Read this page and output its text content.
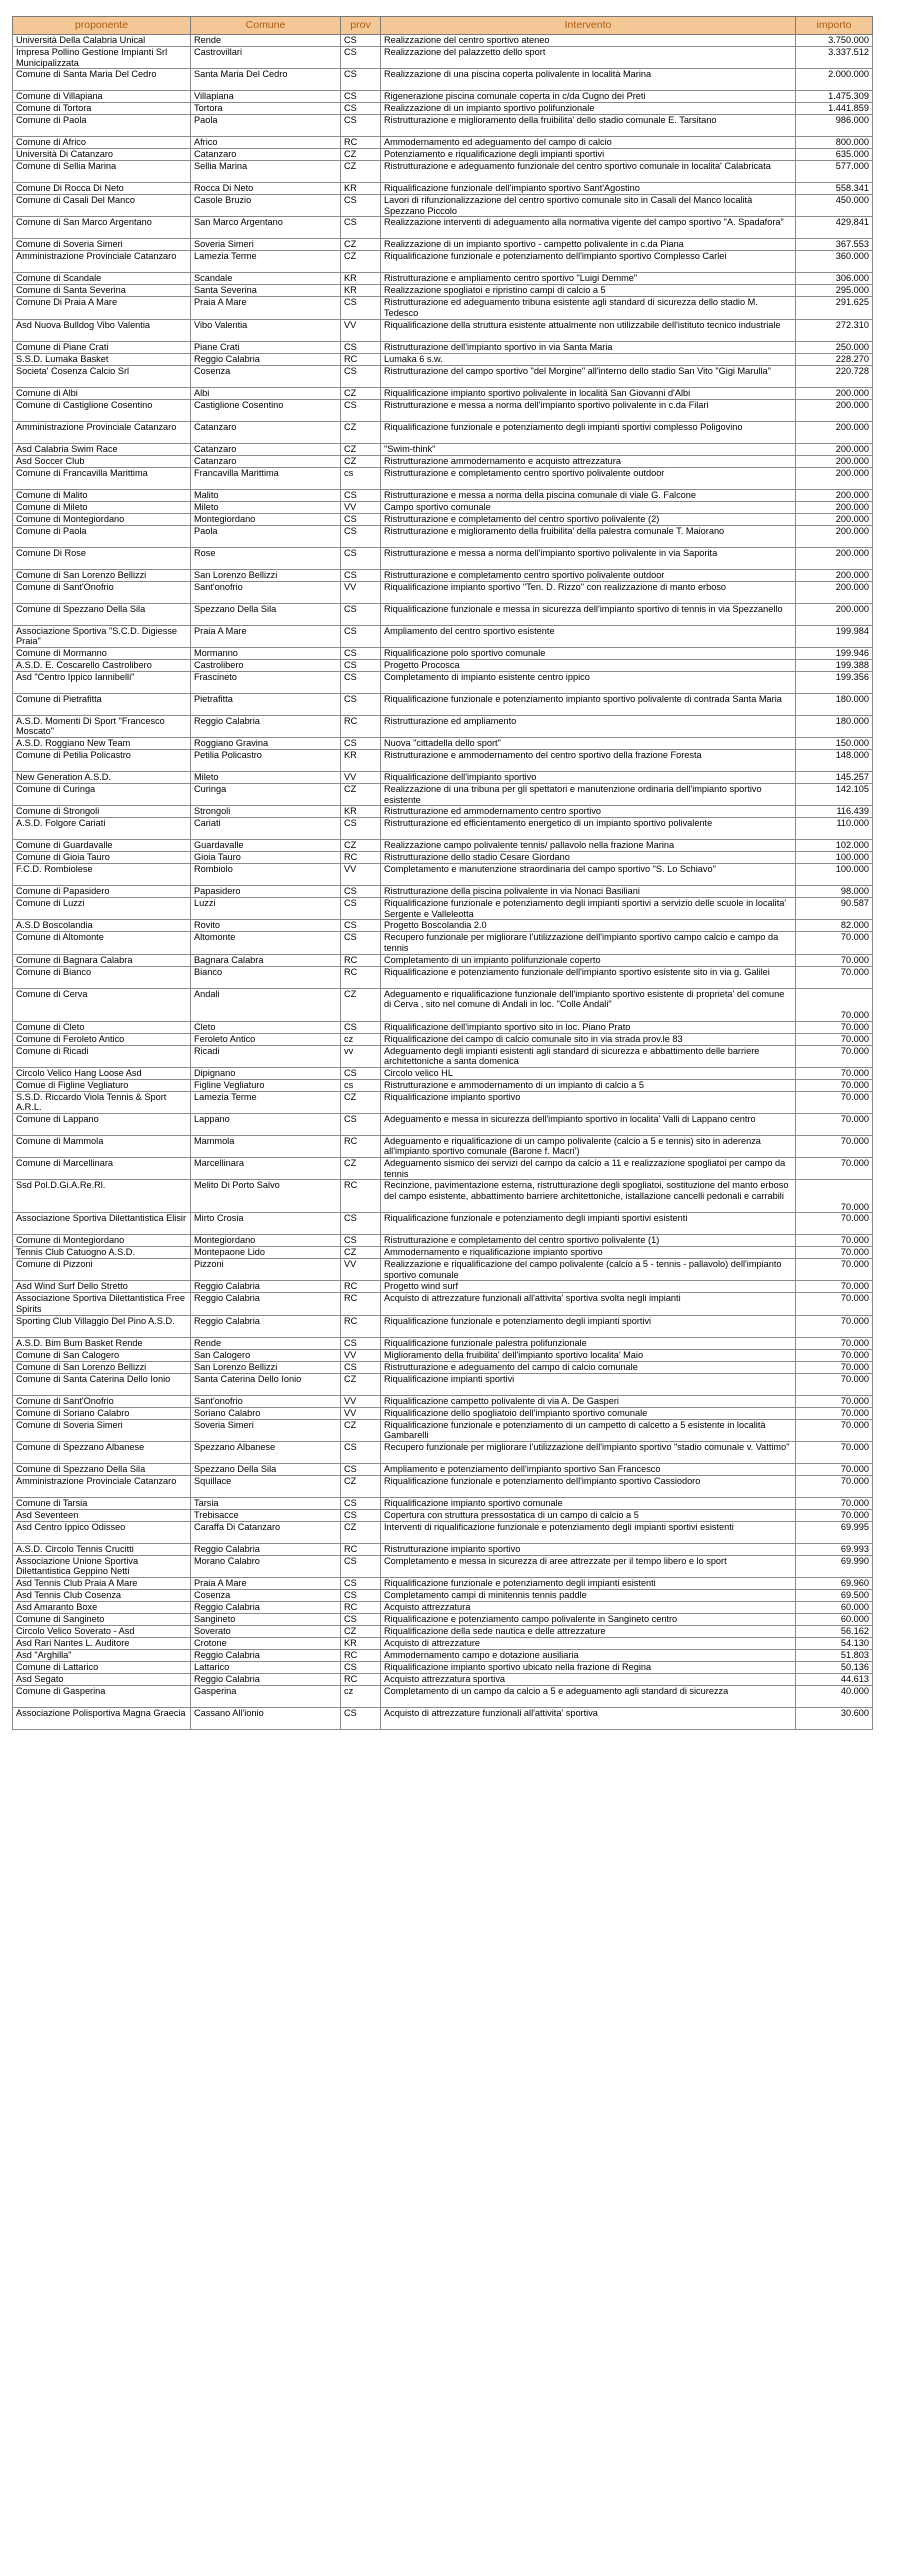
proponente	Comune	prov	Intervento	importo
Università Della Calabria Unical	Rende	CS	Realizzazione del centro sportivo ateneo	3.750.000
Impresa Pollino Gestione Impianti Srl Municipalizzata	Castrovillari	CS	Realizzazione del palazzetto dello sport	3.337.512
Comune di Santa Maria Del Cedro	Santa Maria Del Cedro	CS	Realizzazione di una piscina coperta polivalente in località Marina	2.000.000
Comune di Villapiana	Villapiana	CS	Rigenerazione piscina comunale coperta in c/da Cugno dei Preti	1.475.309
Comune di Tortora	Tortora	CS	Realizzazione di un impianto sportivo polifunzionale	1.441.859
Comune di Paola	Paola	CS	Ristrutturazione e miglioramento della fruibilita' dello stadio comunale E. Tarsitano	986.000
Comune di Africo	Africo	RC	Ammodernamento ed adeguamento del campo di calcio	800.000
Università Di Catanzaro	Catanzaro	CZ	Potenziamento e riqualificazione degli impianti sportivi	635.000
Comune di Sellia Marina	Sellia Marina	CZ	Ristrutturazione e adeguamento funzionale del centro sportivo comunale in localita' Calabricata	577.000
Comune Di Rocca Di Neto	Rocca Di Neto	KR	Riqualificazione funzionale dell'impianto sportivo Sant'Agostino	558.341
Comune di Casali Del Manco	Casole Bruzio	CS	Lavori di rifunzionalizzazione del centro sportivo comunale sito in Casali del Manco località Spezzano Piccolo	450.000
Comune di San Marco Argentano	San Marco Argentano	CS	Realizzazione interventi di adeguamento alla normativa vigente del campo sportivo "A. Spadafora"	429.841
Comune di Soveria Simeri	Soveria Simeri	CZ	Realizzazione di un impianto sportivo - campetto polivalente in c.da Piana	367.553
Amministrazione Provinciale Catanzaro	Lamezia Terme	CZ	Riqualificazione funzionale e potenziamento dell'impianto sportivo Complesso Carlei	360.000
Comune di Scandale	Scandale	KR	Ristrutturazione e ampliamento centro sportivo "Luigi Demme"	306.000
Comune di Santa Severina	Santa Severina	KR	Realizzazione spogliatoi e ripristino campi di calcio a 5	295.000
Comune Di Praia A Mare	Praia A Mare	CS	Ristrutturazione ed adeguamento tribuna esistente agli standard di sicurezza dello stadio M. Tedesco	291.625
Asd Nuova Bulldog Vibo Valentia	Vibo Valentia	VV	Riqualificazione della struttura esistente attualmente non utilizzabile dell'istituto tecnico industriale	272.310
Comune di Piane Crati	Piane Crati	CS	Ristrutturazione dell'impianto sportivo in via Santa Maria	250.000
S.S.D. Lumaka Basket	Reggio Calabria	RC	Lumaka 6 s.w.	228.270
Societa' Cosenza Calcio Srl	Cosenza	CS	Ristrutturazione del campo sportivo "del Morgine" all'interno dello stadio San Vito "Gigi Marulla"	220.728
Comune di Albi	Albi	CZ	Riqualificazione impianto sportivo polivalente in località San Giovanni d'Albi	200.000
Comune di Castiglione Cosentino	Castiglione Cosentino	CS	Ristrutturazione e messa a norma dell'impianto sportivo polivalente in c.da Filari	200.000
Amministrazione Provinciale Catanzaro	Catanzaro	CZ	Riqualificazione funzionale e potenziamento degli impianti sportivi complesso Poligovino	200.000
Asd Calabria Swim Race	Catanzaro	CZ	"Swim-think"	200.000
Asd Soccer Club	Catanzaro	CZ	Ristrutturazione ammodernamento e acquisto attrezzatura	200.000
Comune di Francavilla Marittima	Francavilla Marittima	cs	Ristrutturazione e completamento centro sportivo polivalente outdoor	200.000
Comune di Malito	Malito	CS	Ristrutturazione e messa a norma della piscina comunale di viale G. Falcone	200.000
Comune di Mileto	Mileto	VV	Campo sportivo comunale	200.000
Comune di Montegiordano	Montegiordano	CS	Ristrutturazione e completamento del centro sportivo polivalente (2)	200.000
Comune di Paola	Paola	CS	Ristrutturazione e miglioramento della fruibilita' della palestra comunale T. Maiorano	200.000
Comune Di Rose	Rose	CS	Ristrutturazione e messa a norma dell'impianto sportivo polivalente in via Saporita	200.000
Comune di San Lorenzo Bellizzi	San Lorenzo Bellizzi	CS	Ristrutturazione e completamento centro sportivo polivalente outdoor	200.000
Comune di Sant'Onofrio	Sant'onofrio	VV	Riqualificazione impianto sportivo "Ten. D. Rizzo" con realizzazione di manto erboso	200.000
Comune di Spezzano Della Sila	Spezzano Della Sila	CS	Riqualificazione funzionale e messa in sicurezza dell'impianto sportivo di tennis in via Spezzanello	200.000
Associazione Sportiva "S.C.D. Digiesse Praia"	Praia A Mare	CS	Ampliamento del centro sportivo esistente	199.984
Comune di Mormanno	Mormanno	CS	Riqualificazione polo sportivo comunale	199.946
A.S.D. E. Coscarello Castrolibero	Castrolibero	CS	Progetto Procosca	199.388
Asd "Centro Ippico Iannibelli"	Frascineto	CS	Completamento di impianto esistente centro ippico	199.356
Comune di Pietrafitta	Pietrafitta	CS	Riqualificazione funzionale e potenziamento impianto sportivo polivalente di contrada Santa Maria	180.000
A.S.D. Momenti Di Sport "Francesco Moscato"	Reggio Calabria	RC	Ristrutturazione ed ampliamento	180.000
A.S.D. Roggiano New Team	Roggiano Gravina	CS	Nuova "cittadella dello sport"	150.000
Comune di Petilia Policastro	Petilia Policastro	KR	Ristrutturazione e ammodernamento del centro sportivo della frazione Foresta	148.000
New Generation A.S.D.	Mileto	VV	Riqualificazione dell'impianto sportivo	145.257
Comune di Curinga	Curinga	CZ	Realizzazione di una tribuna per gli spettatori e manutenzione ordinaria dell'impianto sportivo esistente	142.105
Comune di Strongoli	Strongoli	KR	Ristrutturazione ed ammodernamento centro sportivo	116.439
A.S.D. Folgore Cariati	Cariati	CS	Ristrutturazione ed efficientamento energetico di un impianto sportivo polivalente	110.000
Comune di Guardavalle	Guardavalle	CZ	Realizzazione campo polivalente tennis/ pallavolo nella frazione Marina	102.000
Comune di Gioia Tauro	Gioia Tauro	RC	Ristrutturazione dello stadio Cesare Giordano	100.000
F.C.D. Rombiolese	Rombiolo	VV	Completamento e manutenzione straordinaria del campo sportivo "S. Lo Schiavo"	100.000
Comune di Papasidero	Papasidero	CS	Ristrutturazione della piscina polivalente in via Nonaci Basiliani	98.000
Comune di Luzzi	Luzzi	CS	Riqualificazione funzionale e potenziamento degli impianti sportivi a servizio delle scuole in localita' Sergente e Valleleotta	90.587
A.S.D Boscolandia	Rovito	CS	Progetto Boscolandia 2.0	82.000
Comune di Altomonte	Altomonte	CS	Recupero funzionale per migliorare l'utilizzazione dell'impianto sportivo campo calcio e campo da tennis	70.000
Comune di Bagnara Calabra	Bagnara Calabra	RC	Completamento di un impianto polifunzionale coperto	70.000
Comune di Bianco	Bianco	RC	Riqualificazione e potenziamento funzionale dell'impianto sportivo esistente sito in via g. Galilei	70.000
Comune di Cerva	Andali	CZ	Adeguamento e riqualificazione funzionale dell'impianto sportivo esistente di proprieta' del comune di Cerva , sito nel comune di Andali in loc. "Colle Andali"	70.000
Comune di Cleto	Cleto	CS	Riqualificazione dell'impianto sportivo sito in loc. Piano Prato	70.000
Comune di Feroleto Antico	Feroleto Antico	cz	Riqualificazione del campo di calcio comunale sito in via strada prov.le 83	70.000
Comune di Ricadi	Ricadi	vv	Adeguamento degli impianti esistenti agli standard di sicurezza e abbattimento delle barriere architettoniche a santa domenica	70.000
Circolo Velico Hang Loose Asd	Dipignano	CS	Circolo velico HL	70.000
Comue di Figline Vegliaturo	Figline Vegliaturo	cs	Ristrutturazione e ammodernamento di un impianto di calcio a 5	70.000
S.S.D. Riccardo Viola Tennis & Sport A.R.L.	Lamezia Terme	CZ	Riqualificazione impianto sportivo	70.000
Comune di Lappano	Lappano	CS	Adeguamento e messa in sicurezza dell'impianto sportivo in localita' Valli di Lappano centro	70.000
Comune di Mammola	Mammola	RC	Adeguamento e riqualificazione di un campo polivalente (calcio a 5 e tennis) sito in aderenza all'impianto sportivo comunale (Barone f. Macri')	70.000
Comune di Marcellinara	Marcellinara	CZ	Adeguamento sismico dei servizi del campo da calcio a 11 e realizzazione spogliatoi per campo da tennis	70.000
Ssd Pol.D.Gi.A.Re.Rl.	Melito Di Porto Salvo	RC	Recinzione, pavimentazione esterna, ristrutturazione degli spogliatoi, sostituzione del manto erboso del campo esistente, abbattimento barriere architettoniche, istallazione cancelli pedonali e carrabili	70.000
Associazione Sportiva Dilettantistica Elisir	Mirto Crosia	CS	Riqualificazione funzionale e potenziamento degli impianti sportivi esistenti	70.000
Comune di Montegiordano	Montegiordano	CS	Ristrutturazione e completamento del centro sportivo polivalente (1)	70.000
Tennis Club Catuogno A.S.D.	Montepaone Lido	CZ	Ammodernamento e riqualificazione impianto sportivo	70.000
Comune di Pizzoni	Pizzoni	VV	Realizzazione e riqualificazione del campo polivalente (calcio a 5 - tennis - pallavolo) dell'impianto sportivo comunale	70.000
Asd Wind Surf Dello Stretto	Reggio Calabria	RC	Progetto wind surf	70.000
Associazione Sportiva Dilettantistica Free Spirits	Reggio Calabria	RC	Acquisto di attrezzature funzionali all'attivita' sportiva svolta negli impianti	70.000
Sporting Club Villaggio Del Pino A.S.D.	Reggio Calabria	RC	Riqualificazione funzionale e potenziamento degli impianti sportivi	70.000
A.S.D. Bim Bum Basket Rende	Rende	CS	Riqualificazione funzionale palestra polifunzionale	70.000
Comune di San Calogero	San Calogero	VV	Miglioramento della fruibilita' dell'impianto sportivo localita' Maio	70.000
Comune di San Lorenzo Bellizzi	San Lorenzo Bellizzi	CS	Ristrutturazione e adeguamento del campo di calcio comunale	70.000
Comune di Santa Caterina Dello Ionio	Santa Caterina Dello Ionio	CZ	Riqualificazione impianti sportivi	70.000
Comune di Sant'Onofrio	Sant'onofrio	VV	Riqualificazione campetto polivalente di via A. De Gasperi	70.000
Comune di Soriano Calabro	Soriano Calabro	VV	Riqualificazione dello spogliatoio dell'impianto sportivo comunale	70.000
Comune di Soveria Simeri	Soveria Simeri	CZ	Riqualificazione funzionale e potenziamento di un campetto di calcetto a 5 esistente in località Gambarelli	70.000
Comune di Spezzano Albanese	Spezzano Albanese	CS	Recupero funzionale per migliorare l'utilizzazione dell'impianto sportivo "stadio comunale v. Vattimo"	70.000
Comune di Spezzano Della Sila	Spezzano Della Sila	CS	Ampliamento e potenziamento dell'impianto sportivo San Francesco	70.000
Amministrazione Provinciale Catanzaro	Squillace	CZ	Riqualificazione funzionale e potenziamento dell'impianto sportivo Cassiodoro	70.000
Comune di Tarsia	Tarsia	CS	Riqualificazione impianto sportivo comunale	70.000
Asd Seventeen	Trebisacce	CS	Copertura con struttura pressostatica di un campo di calcio a 5	70.000
Asd Centro Ippico Odisseo	Caraffa Di Catanzaro	CZ	Interventi di riqualificazione funzionale e potenziamento degli impianti sportivi esistenti	69.995
A.S.D. Circolo Tennis Crucitti	Reggio Calabria	RC	Ristrutturazione impianto sportivo	69.993
Associazione Unione Sportiva Dilettantistica Geppino Netti	Morano Calabro	CS	Completamento e messa in sicurezza di aree attrezzate per il tempo libero e lo sport	69.990
Asd Tennis Club Praia A Mare	Praia A Mare	CS	Riqualificazione funzionale e potenziamento degli impianti esistenti	69.960
Asd Tennis Club Cosenza	Cosenza	CS	Completamento campi di minitennis tennis paddle	69.500
Asd Amaranto Boxe	Reggio Calabria	RC	Acquisto attrezzatura	60.000
Comune di Sangineto	Sangineto	CS	Riqualificazione e potenziamento campo polivalente in Sangineto centro	60.000
Circolo Velico Soverato - Asd	Soverato	CZ	Riqualificazione della sede nautica e delle attrezzature	56.162
Asd Rari Nantes L. Auditore	Crotone	KR	Acquisto di attrezzature	54.130
Asd "Arghilla"	Reggio Calabria	RC	Ammodernamento campo e dotazione ausiliaria	51.803
Comune di Lattarico	Lattarico	CS	Riqualificazione impianto sportivo ubicato nella frazione di Regina	50.136
Asd Segato	Reggio Calabria	RC	Acquisto attrezzatura sportiva	44.613
Comune di Gasperina	Gasperina	cz	Completamento di un campo da calcio a 5 e adeguamento agli standard di sicurezza	40.000
Associazione Polisportiva Magna Graecia	Cassano All'ionio	CS	Acquisto di attrezzature funzionali all'attivita' sportiva	30.600
